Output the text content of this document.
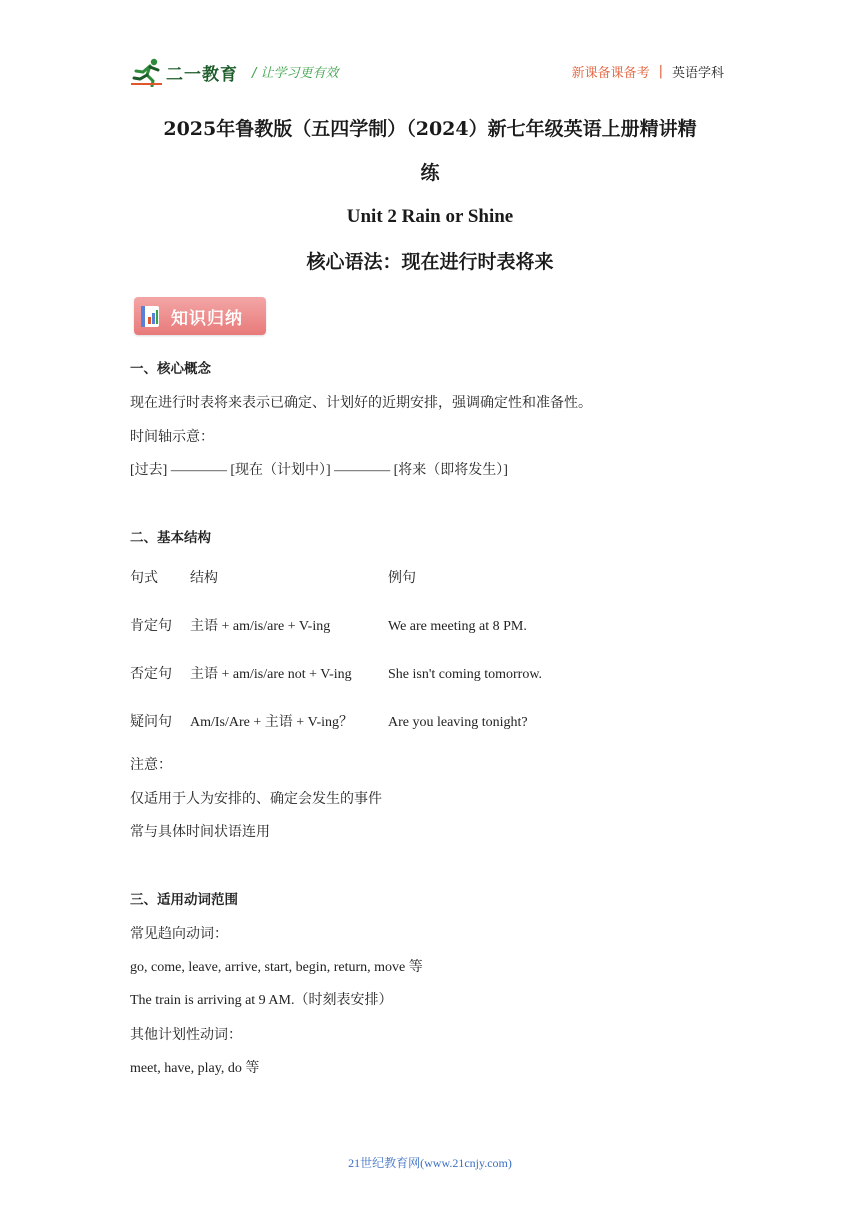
二一教育 / 让学习更有效	新课备课备考 | 英语学科
2025年鲁教版（五四学制）（2024）新七年级英语上册精讲精
练
Unit 2 Rain or Shine
核心语法：现在进行时表将来
知识归纳
一、核心概念
现在进行时表将来表示已确定、计划好的近期安排，强调确定性和准备性。
时间轴示意：
[过去] ———— [现在（计划中）] ———— [将来（即将发生）]
二、基本结构
句式 结构	例句
肯定句 主语 + am/is/are + V-ing	We are meeting at 8 PM.
否定句 主语 + am/is/are not + V-ing	She isn't coming tomorrow.
疑问句 Am/Is/Are + 主语 + V-ing？ Are you leaving tonight?
注意：
仅适用于人为安排的、确定会发生的事件
常与具体时间状语连用
三、适用动词范围
常见趋向动词：
go, come, leave, arrive, start, begin, return, move 等
The train is arriving at 9 AM.（时刻表安排）
其他计划性动词：
meet, have, play, do 等
21世纪教育网(www.21cnjy.com)
